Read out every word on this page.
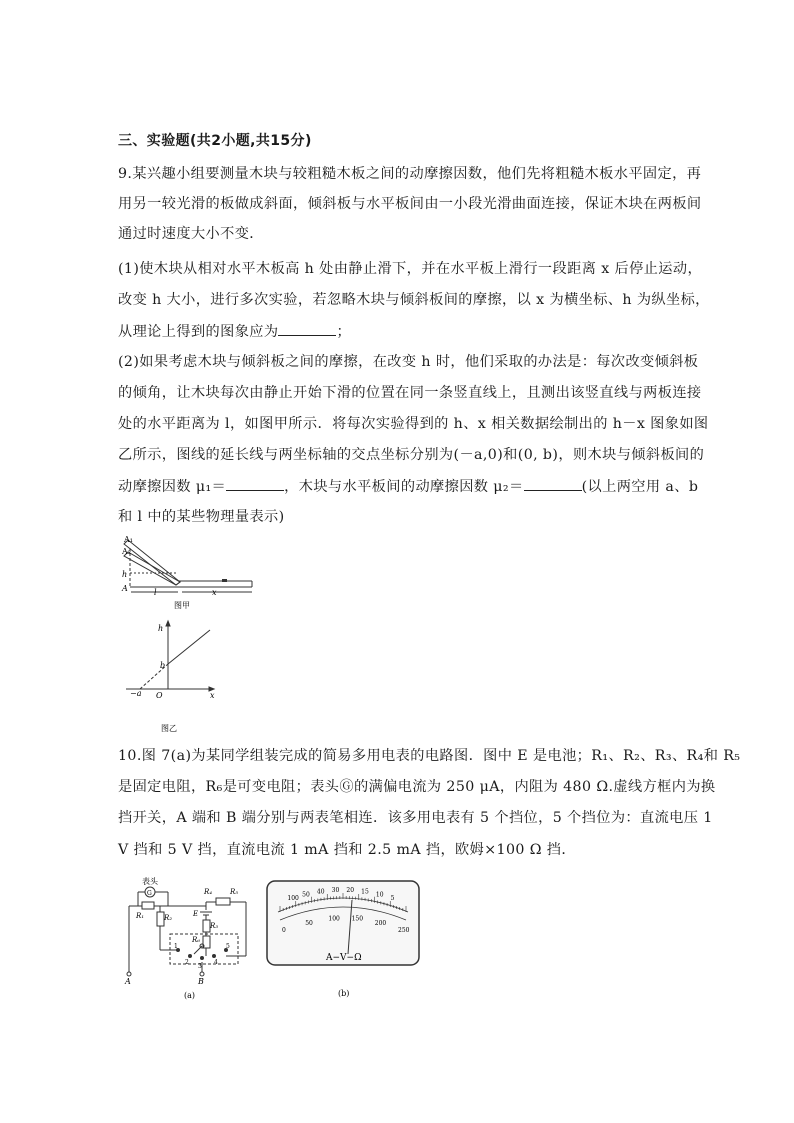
三、实验题(共2小题,共15分)
9.某兴趣小组要测量木块与较粗糙木板之间的动摩擦因数，他们先将粗糙木板水平固定，再
用另一较光滑的板做成斜面，倾斜板与水平板间由一小段光滑曲面连接，保证木块在两板间
通过时速度大小不变．
(1)使木块从相对水平木板高 h 处由静止滑下，并在水平板上滑行一段距离 x 后停止运动，
改变 h 大小，进行多次实验，若忽略木块与倾斜板间的摩擦，以 x 为横坐标、h 为纵坐标，
从理论上得到的图象应为	；
(2)如果考虑木块与倾斜板之间的摩擦，在改变 h 时，他们采取的办法是：每次改变倾斜板
的倾角，让木块每次由静止开始下滑的位置在同一条竖直线上，且测出该竖直线与两板连接
处的水平距离为 l，如图甲所示．将每次实验得到的 h、x 相关数据绘制出的 h－x 图象如图
乙所示，图线的延长线与两坐标轴的交点坐标分别为(－a,0)和(0, b)，则木块与倾斜板间的
动摩擦因数 μ₁＝	，木块与水平板间的动摩擦因数 μ₂＝	(以上两空用 a、b
和 l 中的某些物理量表示)
A₁
A₂
h
A	l	x
图甲
h
b
−a O	x
图乙
10.图 7(a)为某同学组装完成的简易多用电表的电路图．图中 E 是电池；R₁、R₂、R₃、R₄和 R₅
是固定电阻，R₆是可变电阻；表头Ⓖ的满偏电流为 250 μA，内阻为 480 Ω.虚线方框内为换
挡开关，A 端和 B 端分别与两表笔相连．该多用电表有 5 个挡位，5 个挡位为：直流电压 1
V 挡和 5 V 挡，直流电流 1 mA 挡和 2.5 mA 挡，欧姆×100 Ω 挡．
表头
G
R₁	R₂
R₃
R₄	R₅
R₆
E
1
2
3
4
5
A	B
(a)
100
50 40 30 20 15 10
5
0
50
100 150
200
250
A−V−Ω
(b)
